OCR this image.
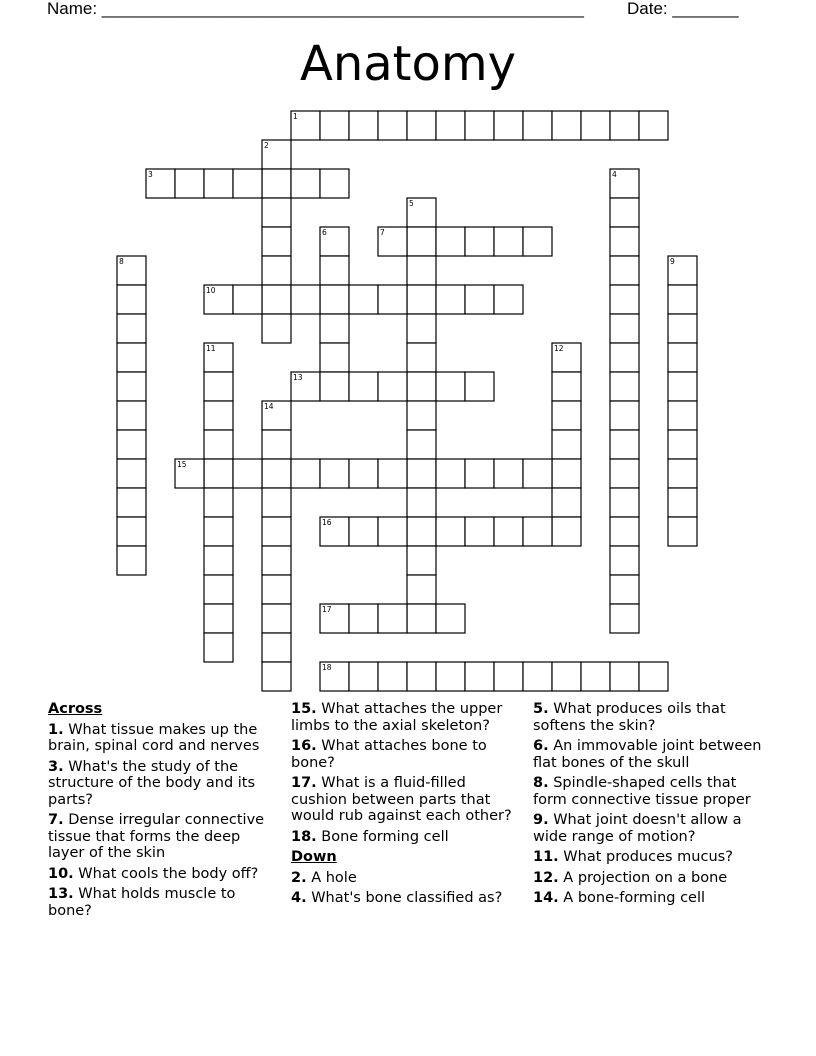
Name: ___________________________________________________	Date: _______
Anatomy
1
2
3	4
5
6	7
8	9
10
11	12
13
14
15
16
17
18
Across
1. What tissue makes up the brain, spinal cord and nerves
3. What's the study of the structure of the body and its parts?
7. Dense irregular connective tissue that forms the deep layer of the skin
10. What cools the body off?
13. What holds muscle to bone?
15. What attaches the upper limbs to the axial skeleton?
16. What attaches bone to bone?
17. What is a fluid-filled cushion between parts that would rub against each other?
18. Bone forming cell
Down
2. A hole
4. What's bone classified as?
5. What produces oils that softens the skin?
6. An immovable joint between flat bones of the skull
8. Spindle-shaped cells that form connective tissue proper
9. What joint doesn't allow a wide range of motion?
11. What produces mucus?
12. A projection on a bone
14. A bone-forming cell
